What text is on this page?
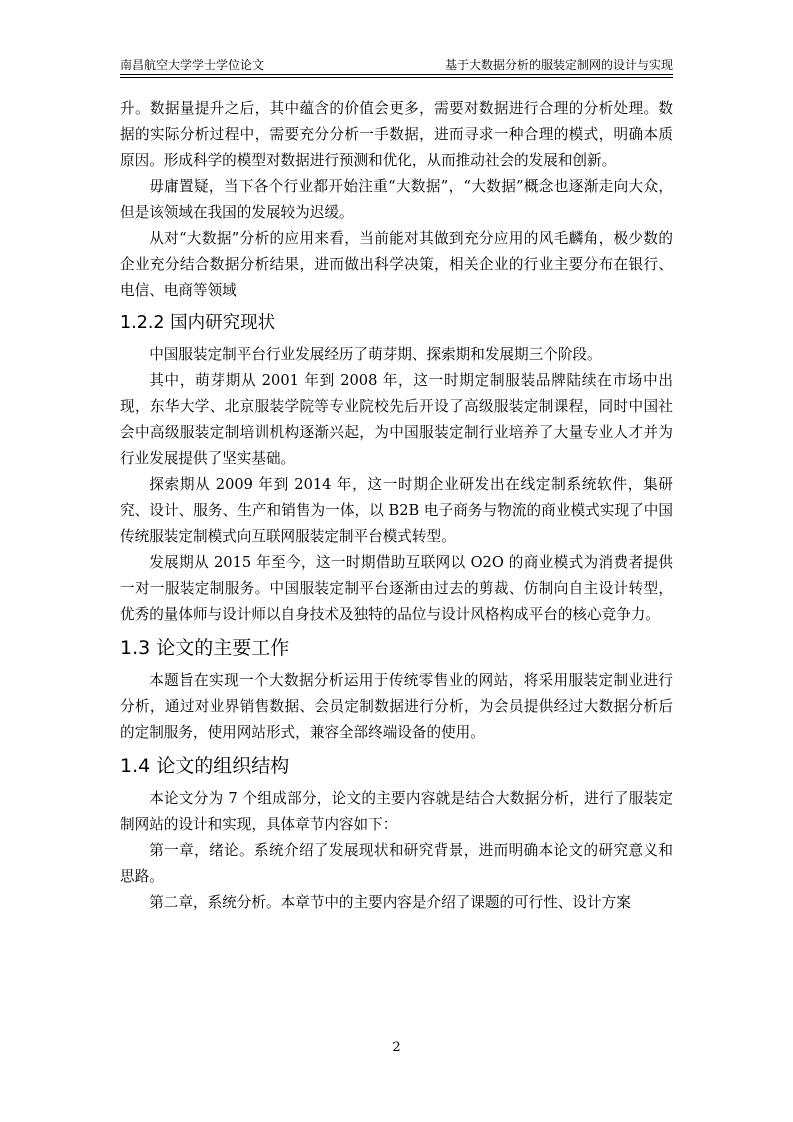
南昌航空大学学士学位论文	基于大数据分析的服装定制网的设计与实现

升。数据量提升之后，其中蕴含的价值会更多，需要对数据进行合理的分析处理。数据的实际分析过程中，需要充分分析一手数据，进而寻求一种合理的模式，明确本质原因。形成科学的模型对数据进行预测和优化，从而推动社会的发展和创新。

毋庸置疑，当下各个行业都开始注重“大数据”，“大数据”概念也逐渐走向大众，但是该领域在我国的发展较为迟缓。

从对“大数据”分析的应用来看，当前能对其做到充分应用的风毛麟角，极少数的企业充分结合数据分析结果，进而做出科学决策，相关企业的行业主要分布在银行、电信、电商等领域

1.2.2 国内研究现状

中国服装定制平台行业发展经历了萌芽期、探索期和发展期三个阶段。

其中，萌芽期从 2001 年到 2008 年，这一时期定制服装品牌陆续在市场中出现，东华大学、北京服装学院等专业院校先后开设了高级服装定制课程，同时中国社会中高级服装定制培训机构逐渐兴起，为中国服装定制行业培养了大量专业人才并为行业发展提供了坚实基础。

探索期从 2009 年到 2014 年，这一时期企业研发出在线定制系统软件，集研究、设计、服务、生产和销售为一体，以 B2B 电子商务与物流的商业模式实现了中国传统服装定制模式向互联网服装定制平台模式转型。

发展期从 2015 年至今，这一时期借助互联网以 O2O 的商业模式为消费者提供一对一服装定制服务。中国服装定制平台逐渐由过去的剪裁、仿制向自主设计转型，优秀的量体师与设计师以自身技术及独特的品位与设计风格构成平台的核心竞争力。

1.3 论文的主要工作

本题旨在实现一个大数据分析运用于传统零售业的网站，将采用服装定制业进行分析，通过对业界销售数据、会员定制数据进行分析，为会员提供经过大数据分析后的定制服务，使用网站形式，兼容全部终端设备的使用。

1.4 论文的组织结构

本论文分为 7 个组成部分，论文的主要内容就是结合大数据分析，进行了服装定制网站的设计和实现，具体章节内容如下：

第一章，绪论。系统介绍了发展现状和研究背景，进而明确本论文的研究意义和思路。

第二章，系统分析。本章节中的主要内容是介绍了课题的可行性、设计方案

2
